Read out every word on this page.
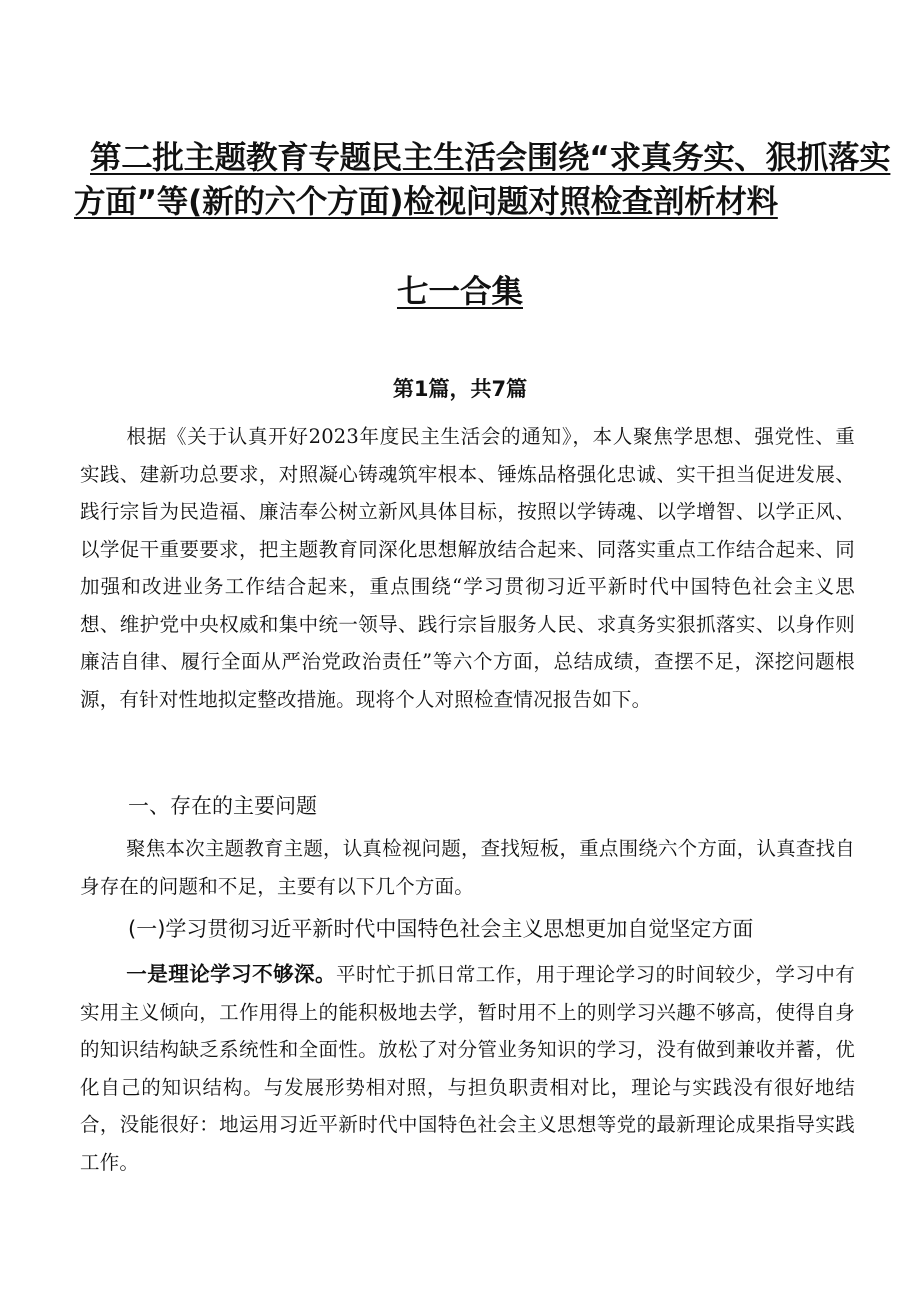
第二批主题教育专题民主生活会围绕“求真务实、狠抓落实
方面”等(新的六个方面)检视问题对照检查剖析材料
七一合集

第1篇，共7篇

根据《关于认真开好2023年度民主生活会的通知》，本人聚焦学思想、强党性、重实践、建新功总要求，对照凝心铸魂筑牢根本、锤炼品格强化忠诚、实干担当促进发展、践行宗旨为民造福、廉洁奉公树立新风具体目标，按照以学铸魂、以学增智、以学正风、以学促干重要要求，把主题教育同深化思想解放结合起来、同落实重点工作结合起来、同加强和改进业务工作结合起来，重点围绕“学习贯彻习近平新时代中国特色社会主义思想、维护党中央权威和集中统一领导、践行宗旨服务人民、求真务实狠抓落实、以身作则廉洁自律、履行全面从严治党政治责任”等六个方面，总结成绩，查摆不足，深挖问题根源，有针对性地拟定整改措施。现将个人对照检查情况报告如下。

一、存在的主要问题

聚焦本次主题教育主题，认真检视问题，查找短板，重点围绕六个方面，认真查找自身存在的问题和不足，主要有以下几个方面。

(一)学习贯彻习近平新时代中国特色社会主义思想更加自觉坚定方面

一是理论学习不够深。平时忙于抓日常工作，用于理论学习的时间较少，学习中有实用主义倾向，工作用得上的能积极地去学，暂时用不上的则学习兴趣不够高，使得自身的知识结构缺乏系统性和全面性。放松了对分管业务知识的学习，没有做到兼收并蓄，优化自己的知识结构。与发展形势相对照，与担负职责相对比，理论与实践没有很好地结合，没能很好：地运用习近平新时代中国特色社会主义思想等党的最新理论成果指导实践工作。
